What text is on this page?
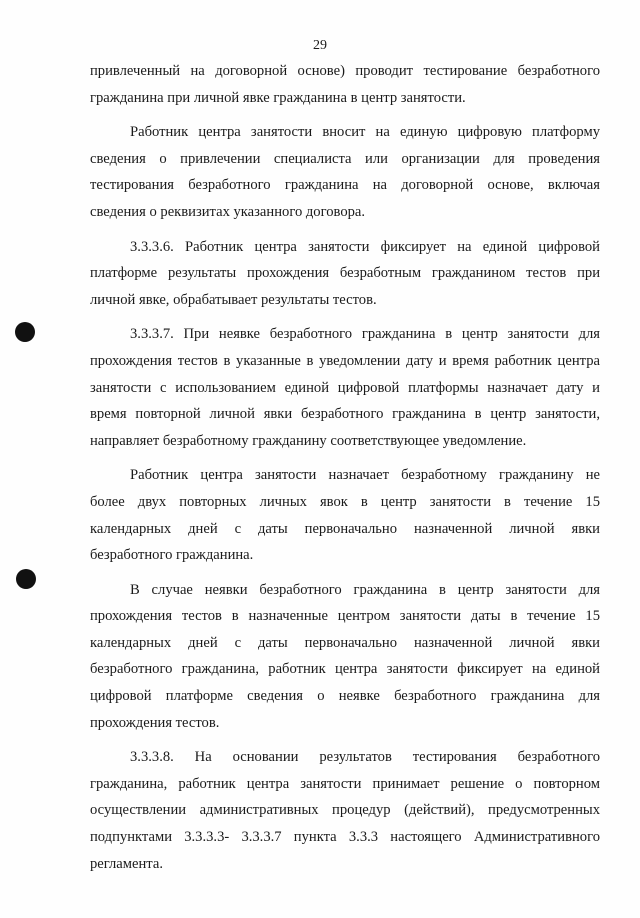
29
привлеченный на договорной основе) проводит тестирование безработного
гражданина при личной явке гражданина в центр занятости.
Работник центра занятости вносит на единую цифровую платформу
сведения о привлечении специалиста или организации для проведения
тестирования безработного гражданина на договорной основе, включая
сведения о реквизитах указанного договора.
3.3.3.6. Работник центра занятости фиксирует на единой цифровой
платформе результаты прохождения безработным гражданином тестов при
личной явке, обрабатывает результаты тестов.
3.3.3.7. При неявке безработного гражданина в центр занятости для
прохождения тестов в указанные в уведомлении дату и время работник центра
занятости с использованием единой цифровой платформы назначает дату и
время повторной личной явки безработного гражданина в центр занятости,
направляет безработному гражданину соответствующее уведомление.
Работник центра занятости назначает безработному гражданину не
более двух повторных личных явок в центр занятости в течение 15
календарных дней с даты первоначально назначенной личной явки
безработного гражданина.
В случае неявки безработного гражданина в центр занятости для
прохождения тестов в назначенные центром занятости даты в течение 15
календарных дней с даты первоначально назначенной личной явки
безработного гражданина, работник центра занятости фиксирует на единой
цифровой платформе сведения о неявке безработного гражданина для
прохождения тестов.
3.3.3.8. На основании результатов тестирования безработного
гражданина, работник центра занятости принимает решение о повторном
осуществлении административных процедур (действий), предусмотренных
подпунктами 3.3.3.3- 3.3.3.7 пункта 3.3.3 настоящего Административного
регламента.
